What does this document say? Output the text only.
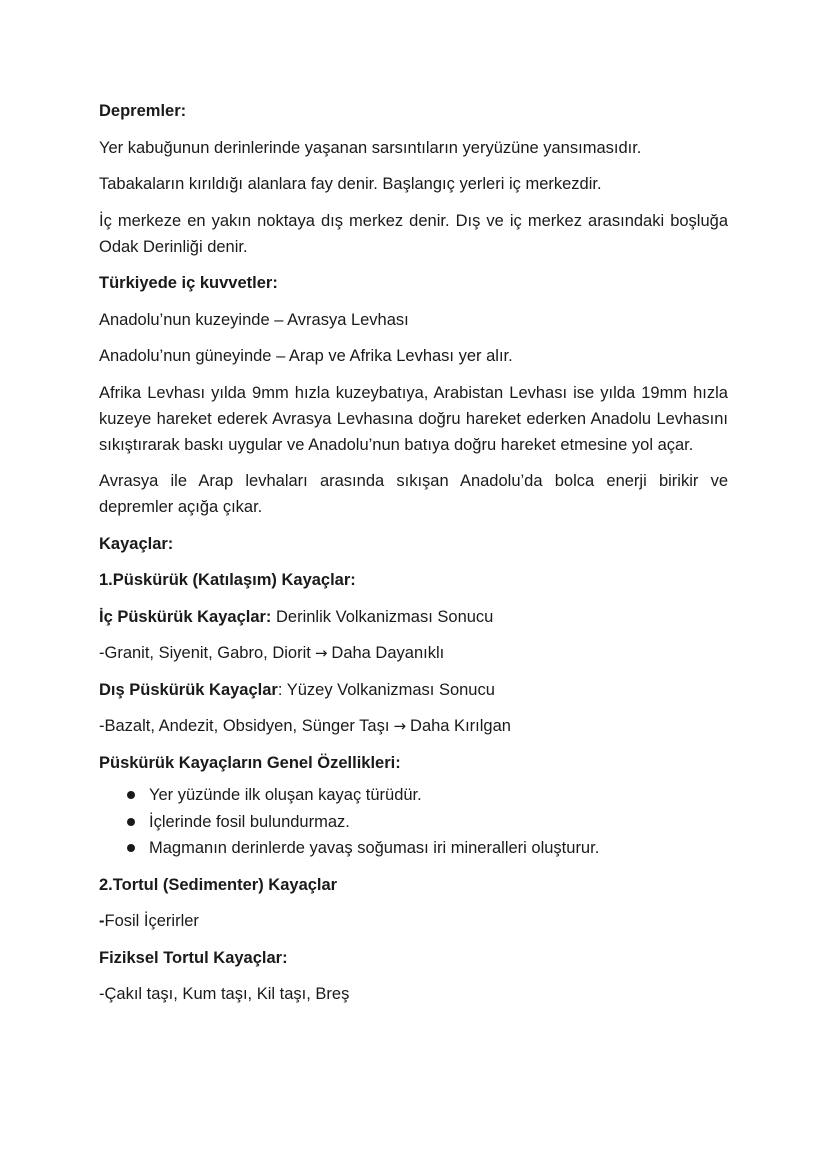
Depremler:

Yer kabuğunun derinlerinde yaşanan sarsıntıların yeryüzüne yansımasıdır.

Tabakaların kırıldığı alanlara fay denir. Başlangıç yerleri iç merkezdir.

İç merkeze en yakın noktaya dış merkez denir. Dış ve iç merkez arasındaki boşluğa Odak Derinliği denir.

Türkiyede iç kuvvetler:

Anadolu’nun kuzeyinde – Avrasya Levhası

Anadolu’nun güneyinde – Arap ve Afrika Levhası yer alır.

Afrika Levhası yılda 9mm hızla kuzeybatıya, Arabistan Levhası ise yılda 19mm hızla kuzeye hareket ederek Avrasya Levhasına doğru hareket ederken Anadolu Levhasını sıkıştırarak baskı uygular ve Anadolu’nun batıya doğru hareket etmesine yol açar.

Avrasya ile Arap levhaları arasında sıkışan Anadolu’da bolca enerji birikir ve depremler açığa çıkar.

Kayaçlar:

1.Püskürük (Katılaşım) Kayaçlar:

İç Püskürük Kayaçlar: Derinlik Volkanizması Sonucu

-Granit, Siyenit, Gabro, Diorit → Daha Dayanıklı

Dış Püskürük Kayaçlar: Yüzey Volkanizması Sonucu

-Bazalt, Andezit, Obsidyen, Sünger Taşı → Daha Kırılgan

Püskürük Kayaçların Genel Özellikleri:

Yer yüzünde ilk oluşan kayaç türüdür.
İçlerinde fosil bulundurmaz.
Magmanın derinlerde yavaş soğuması iri mineralleri oluşturur.

2.Tortul (Sedimenter) Kayaçlar

-Fosil İçerirler

Fiziksel Tortul Kayaçlar:

-Çakıl taşı, Kum taşı, Kil taşı, Breş
